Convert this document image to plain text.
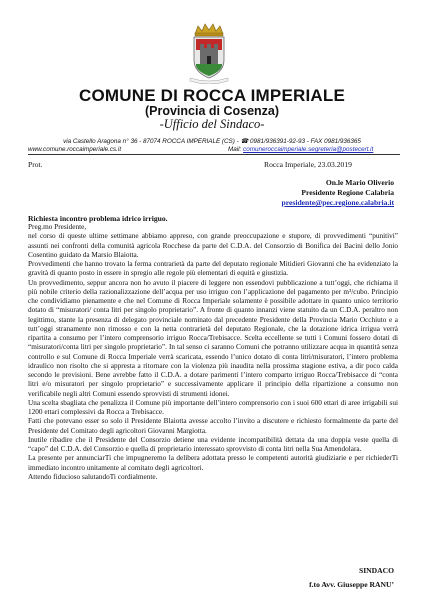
COMUNE DI ROCCA IMPERIALE
(Provincia di Cosenza)
-Ufficio del Sindaco-
via Castello Aragona n° 36 - 87074 ROCCA IMPERIALE (CS) - ☎ 0981/936391-92-93 - FAX 0981/936365
www.comune.roccaimperiale.cs.it	Mail: comuneroccaimperiale.segreteria@postecert.it
Prot.	Rocca Imperiale, 23.03.2019
On.le Mario Oliverio
Presidente Regione Calabria
presidente@pec.regione.calabria.it
Richiesta incontro problema idrico irriguo.

Preg.mo Presidente,

nel corso di queste ultime settimane abbiamo appreso, con grande preoccupazione e stupore, di provvedimenti “punitivi” assunti nei confronti della comunità agricola Rocchese da parte del C.D.A. del Consorzio di Bonifica dei Bacini dello Jonio Cosentino guidato da Marsio Blaiotta.

Provvedimenti che hanno trovato la ferma contrarietà da parte del deputato regionale Mitidieri Giovanni che ha evidenziato la gravità di quanto posto in essere in spregio alle regole più elementari di equità e giustizia.

Un provvedimento, seppur ancora non ho avuto il piacere di leggere non essendovi pubblicazione a tutt’oggi, che richiama il più nobile criterio della razionalizzazione dell’acqua per uso irriguo con l’applicazione del pagamento per m³/cubo. Principio che condividiamo pienamente e che nel Comune di Rocca Imperiale solamente è possibile adottare in quanto unico territorio dotato di “misuratori/ conta litri per singolo proprietario”. A fronte di quanto innanzi viene statuito da un C.D.A. peraltro non legittimo, stante la presenza di delegato provinciale nominato dal precedente Presidente della Provincia Mario Occhiuto e a tutt’oggi stranamente non rimosso e con la netta contrarietà del deputato Regionale, che la dotazione idrica irrigua verrà ripartita a consumo per l’intero comprensorio irriguo Rocca/Trebisacce. Scelta eccellente se tutti i Comuni fossero dotati di “misuratori/conta litri per singolo proprietario”. In tal senso ci saranno Comuni che potranno utilizzare acqua in quantità senza controllo e sul Comune di Rocca Imperiale verrà scaricata, essendo l’unico dotato di conta litri/misuratori, l’intero problema idraulico non risolto che si appresta a ritornare con la violenza più inaudita nella prossima stagione estiva, a dir poco calda secondo le previsioni. Bene avrebbe fatto il C.D.A. a dotare parimenti l’intero comparto irriguo Rocca/Trebisacce di “conta litri e/o misuratori per singolo proprietario” e successivamente applicare il principio della ripartizione a consumo non verificabile negli altri Comuni essendo sprovvisti di strumenti idonei.

Una scelta sbagliata che penalizza il Comune più importante dell’intero comprensorio con i suoi 600 ettari di aree irrigabili sui 1200 ettari complessivi da Rocca a Trebisacce.

Fatti che potevano esser so solo il Presidente Blaiotta avesse accolto l’invito a discutere e richiesto formalmente da parte del Presidente del Comitato degli agricoltori Giovanni Margiotta.

Inutile ribadire che il Presidente del Consorzio detiene una evidente incompatibilità dettata da una doppia veste quella di “capo” del C.D.A. del Consorzio e quella di proprietario interessato sprovvisto di conta litri nella Sua Amendolara.

La presente per annunciarTi che impugneremo la delibera adottata presso le competenti autorità giudiziarie e per richiederTi immediato incontro unitamente al comitato degli agricoltori.

Attendo fiducioso salutandoTi cordialmente.

SINDACO
f.to Avv. Giuseppe RANU’
